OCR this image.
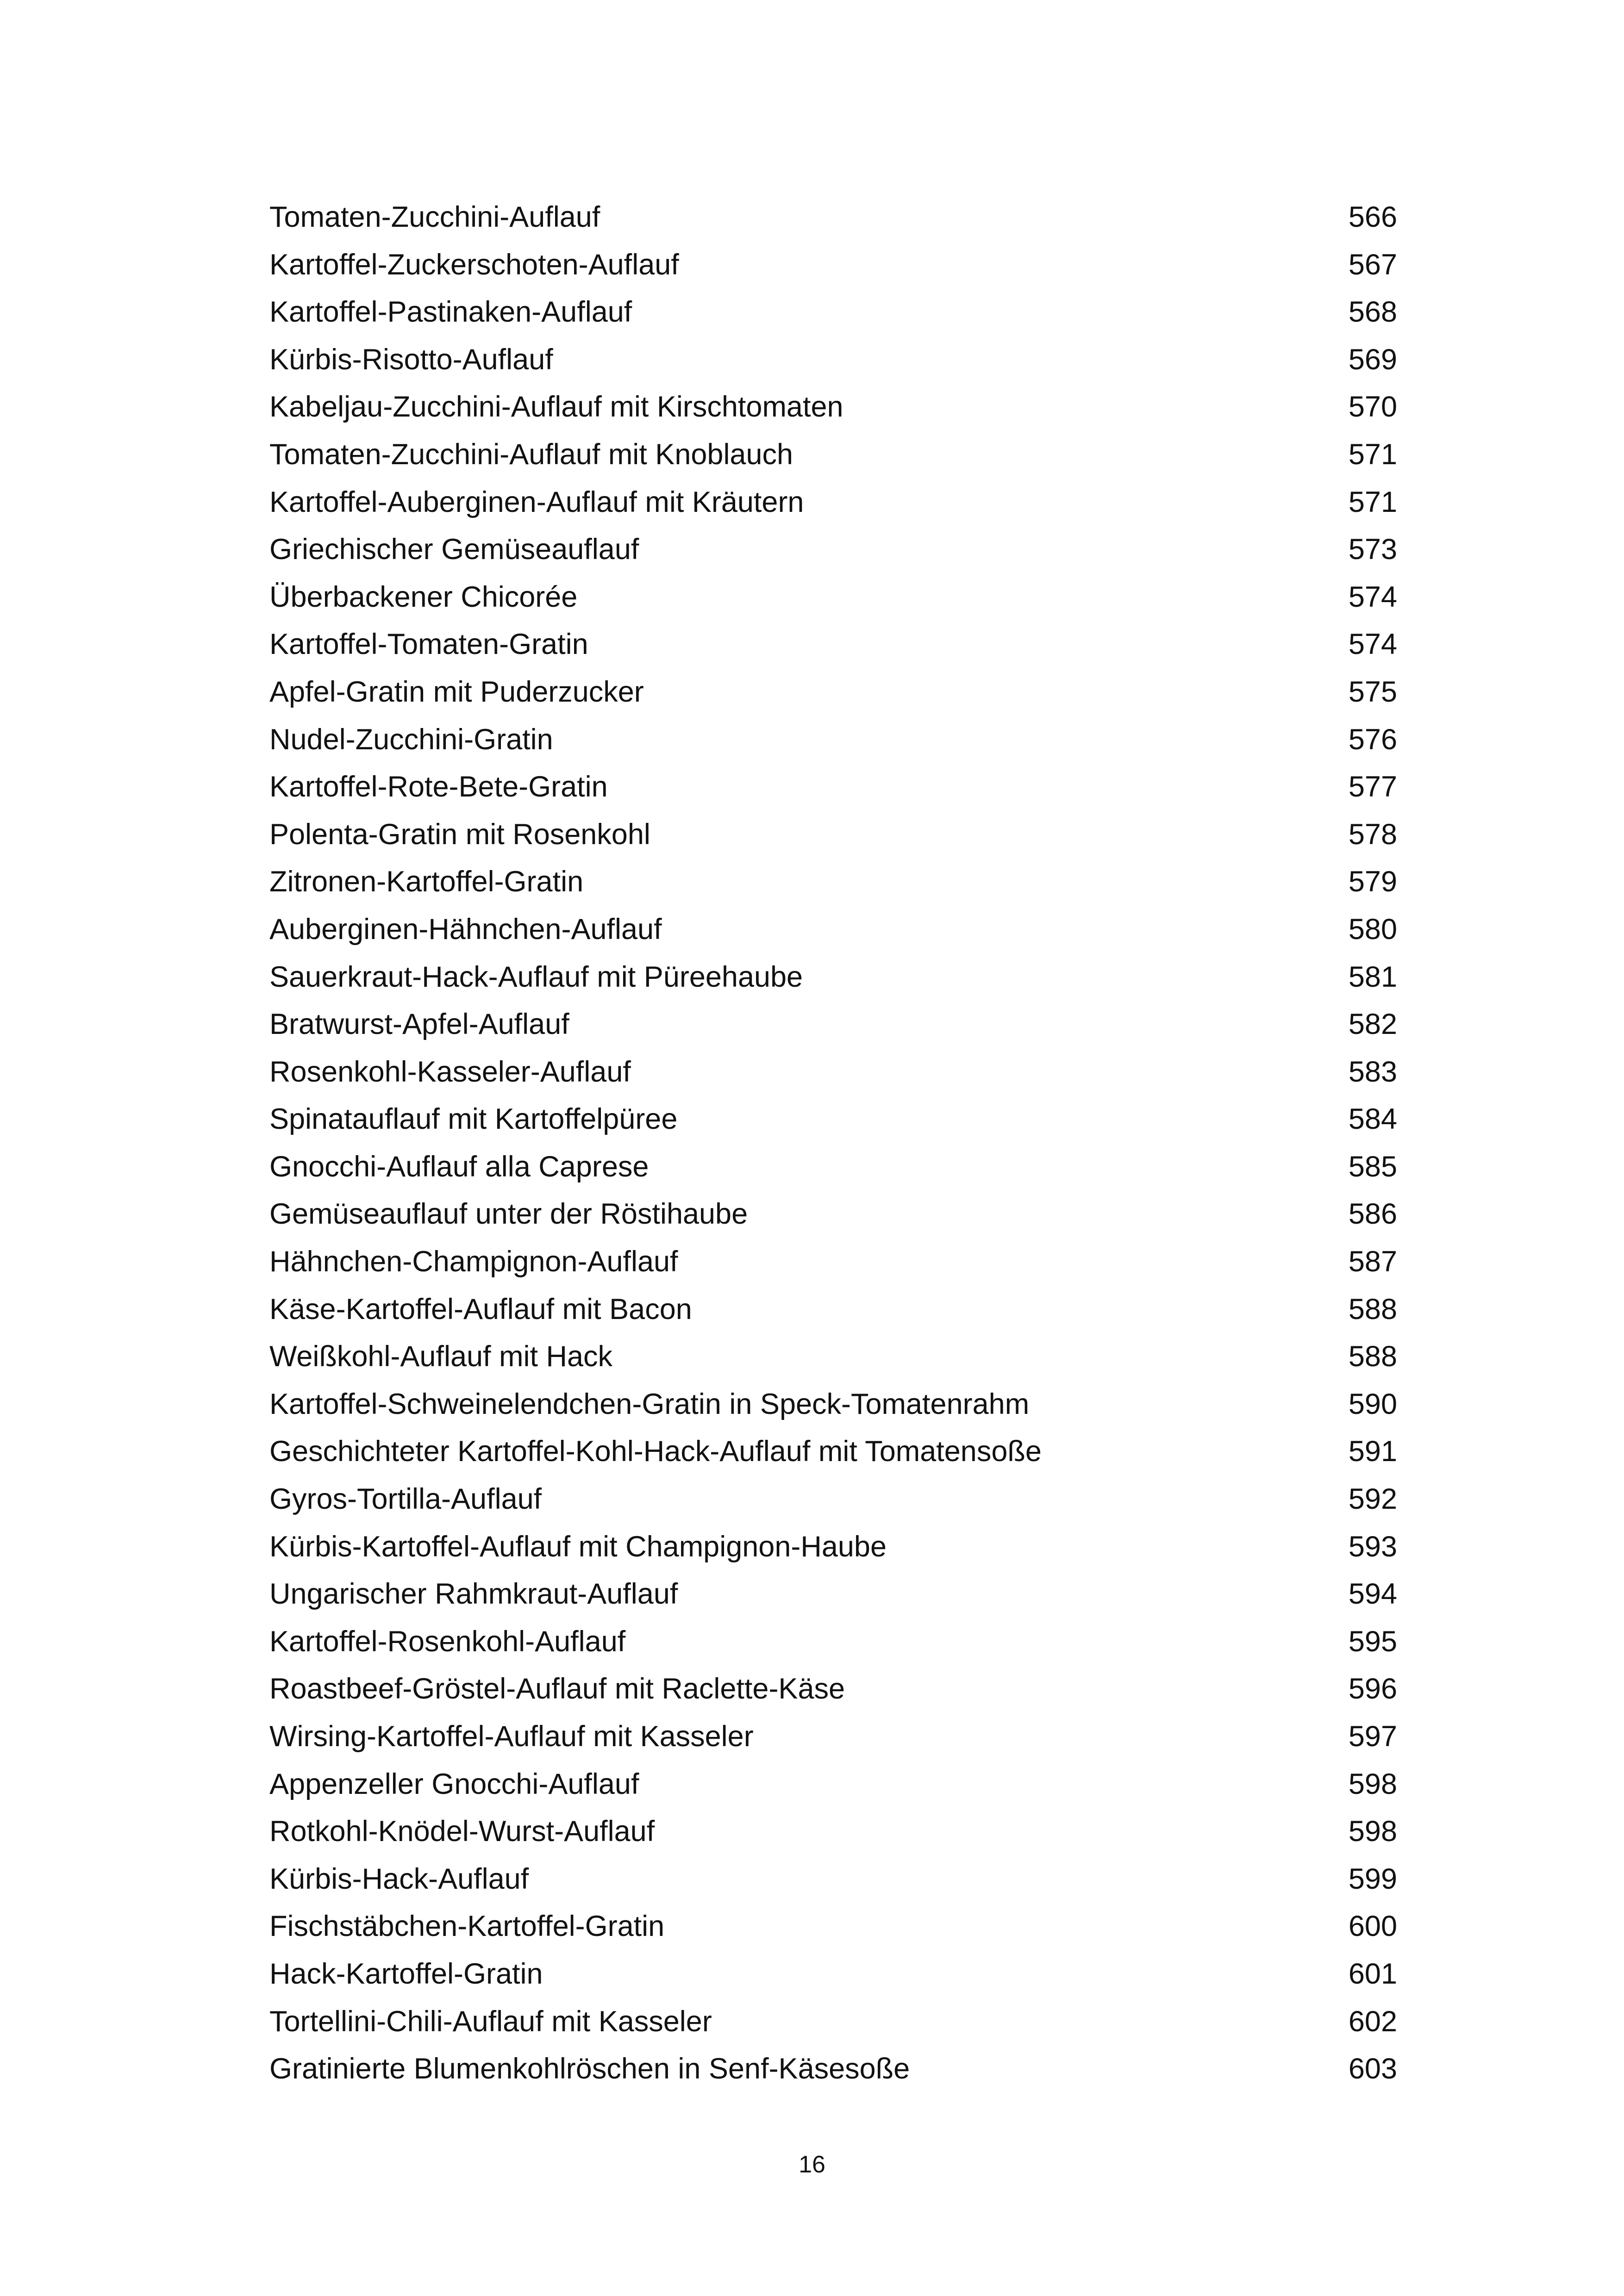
Tomaten-Zucchini-Auflauf	566
Kartoffel-Zuckerschoten-Auflauf	567
Kartoffel-Pastinaken-Auflauf	568
Kürbis-Risotto-Auflauf	569
Kabeljau-Zucchini-Auflauf mit Kirschtomaten	570
Tomaten-Zucchini-Auflauf mit Knoblauch	571
Kartoffel-Auberginen-Auflauf mit Kräutern	571
Griechischer Gemüseauflauf	573
Überbackener Chicorée	574
Kartoffel-Tomaten-Gratin	574
Apfel-Gratin mit Puderzucker	575
Nudel-Zucchini-Gratin	576
Kartoffel-Rote-Bete-Gratin	577
Polenta-Gratin mit Rosenkohl	578
Zitronen-Kartoffel-Gratin	579
Auberginen-Hähnchen-Auflauf	580
Sauerkraut-Hack-Auflauf mit Püreehaube	581
Bratwurst-Apfel-Auflauf	582
Rosenkohl-Kasseler-Auflauf	583
Spinatauflauf mit Kartoffelpüree	584
Gnocchi-Auflauf alla Caprese	585
Gemüseauflauf unter der Röstihaube	586
Hähnchen-Champignon-Auflauf	587
Käse-Kartoffel-Auflauf mit Bacon	588
Weißkohl-Auflauf mit Hack	588
Kartoffel-Schweinelendchen-Gratin in Speck-Tomatenrahm	590
Geschichteter Kartoffel-Kohl-Hack-Auflauf mit Tomatensoße	591
Gyros-Tortilla-Auflauf	592
Kürbis-Kartoffel-Auflauf mit Champignon-Haube	593
Ungarischer Rahmkraut-Auflauf	594
Kartoffel-Rosenkohl-Auflauf	595
Roastbeef-Gröstel-Auflauf mit Raclette-Käse	596
Wirsing-Kartoffel-Auflauf mit Kasseler	597
Appenzeller Gnocchi-Auflauf	598
Rotkohl-Knödel-Wurst-Auflauf	598
Kürbis-Hack-Auflauf	599
Fischstäbchen-Kartoffel-Gratin	600
Hack-Kartoffel-Gratin	601
Tortellini-Chili-Auflauf mit Kasseler	602
Gratinierte Blumenkohlröschen in Senf-Käsesoße	603
16
